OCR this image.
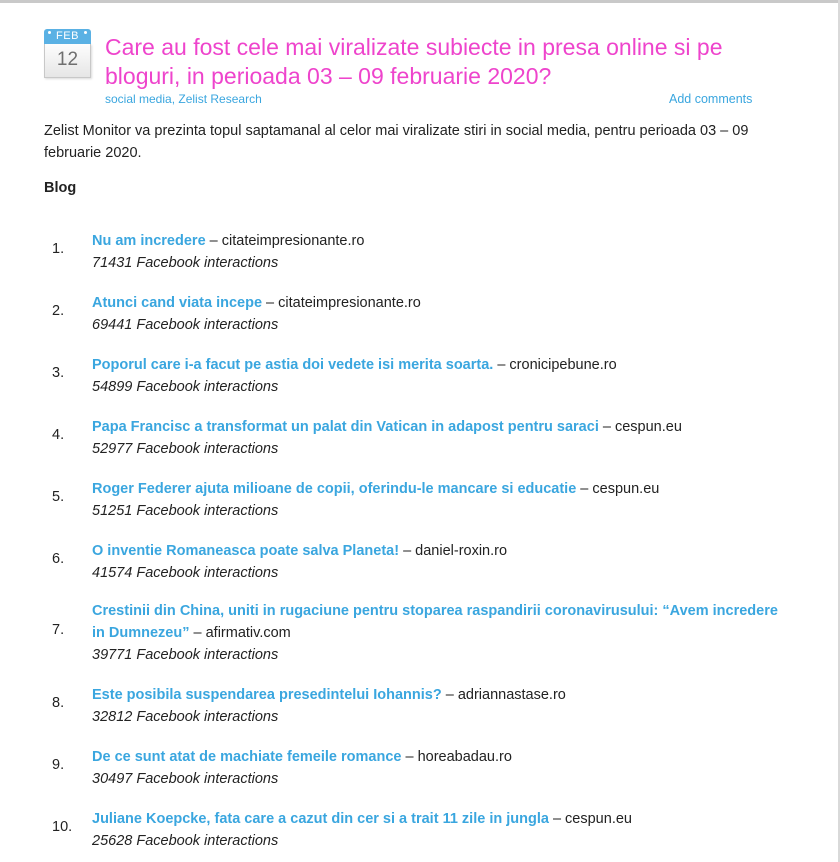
FEB
12	Care au fost cele mai viralizate subiecte in presa online si pe bloguri, in perioada 03 – 09 februarie 2020?
social media, Zelist Research	Add comments

Zelist Monitor va prezinta topul saptamanal al celor mai viralizate stiri in social media, pentru perioada 03 – 09 februarie 2020.

Blog

1. Nu am incredere – citateimpresionante.ro
71431 Facebook interactions
2. Atunci cand viata incepe – citateimpresionante.ro
69441 Facebook interactions
3. Poporul care i-a facut pe astia doi vedete isi merita soarta. – cronicipebune.ro
54899 Facebook interactions
4. Papa Francisc a transformat un palat din Vatican in adapost pentru saraci – cespun.eu
52977 Facebook interactions
5. Roger Federer ajuta milioane de copii, oferindu-le mancare si educatie – cespun.eu
51251 Facebook interactions
6. O inventie Romaneasca poate salva Planeta! – daniel-roxin.ro
41574 Facebook interactions
7.
Crestinii din China, uniti in rugaciune pentru stoparea raspandirii coronavirusului: “Avem incredere in Dumnezeu” – afirmativ.com
39771 Facebook interactions
8. Este posibila suspendarea presedintelui Iohannis? – adriannastase.ro
32812 Facebook interactions
9. De ce sunt atat de machiate femeile romance – horeabadau.ro
30497 Facebook interactions
10. Juliane Koepcke, fata care a cazut din cer si a trait 11 zile in jungla – cespun.eu
25628 Facebook interactions
